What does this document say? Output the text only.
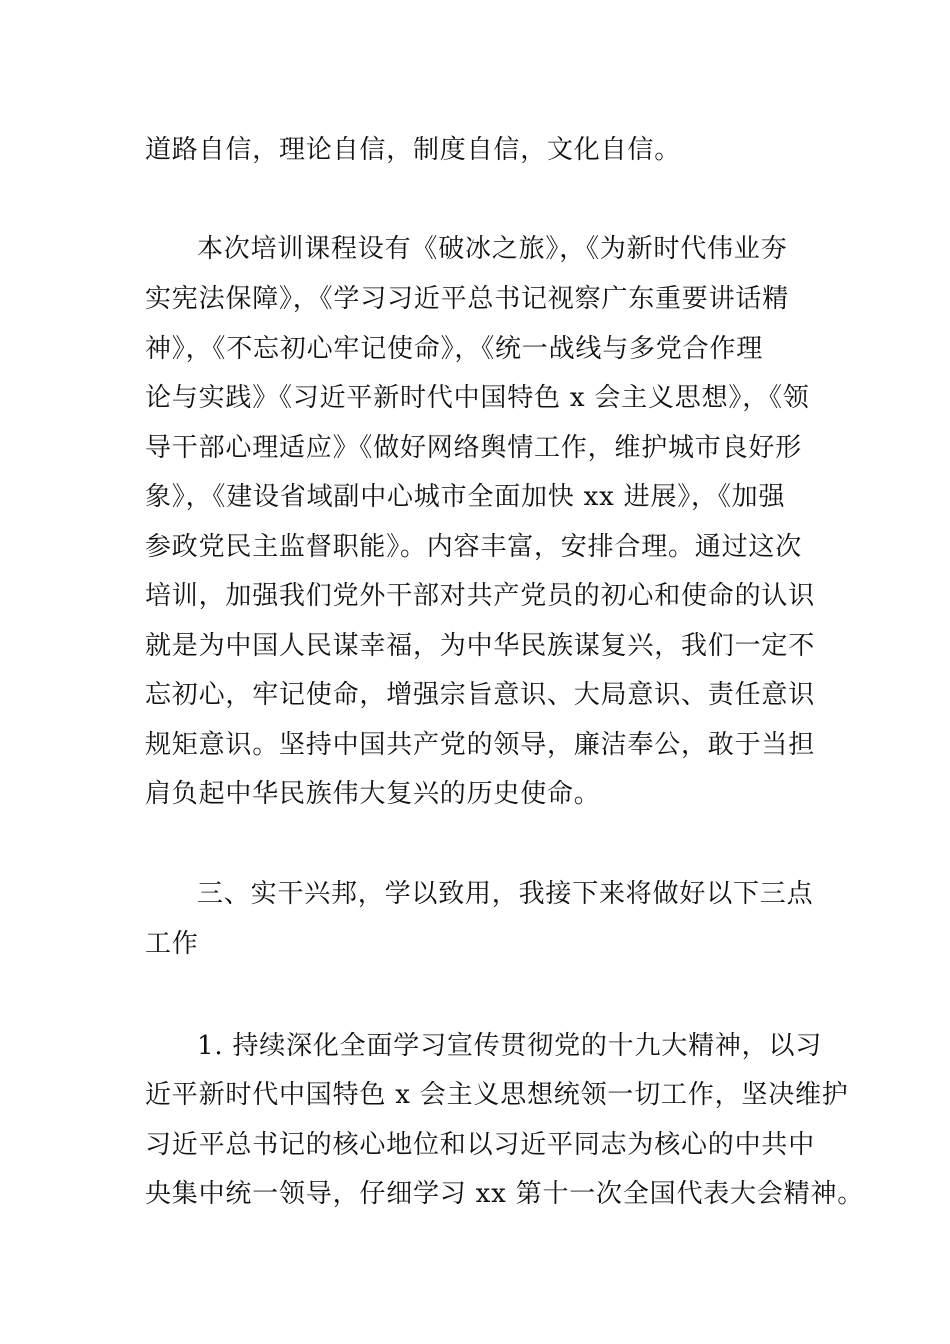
道路自信，理论自信，制度自信，文化自信。

本次培训课程设有《破冰之旅》，《为新时代伟业夯

实宪法保障》，《学习习近平总书记视察广东重要讲话精

神》，《不忘初心牢记使命》，《统一战线与多党合作理

论与实践》《习近平新时代中国特色 x 会主义思想》，《领

导干部心理适应》《做好网络舆情工作，维护城市良好形

象》，《建设省域副中心城市全面加快 xx 进展》，《加强

参政党民主监督职能》。内容丰富，安排合理。通过这次

培训，加强我们党外干部对共产党员的初心和使命的认识

就是为中国人民谋幸福，为中华民族谋复兴，我们一定不

忘初心，牢记使命，增强宗旨意识、大局意识、责任意识

规矩意识。坚持中国共产党的领导，廉洁奉公，敢于当担

肩负起中华民族伟大复兴的历史使命。

三、实干兴邦，学以致用，我接下来将做好以下三点

工作

1. 持续深化全面学习宣传贯彻党的十九大精神，以习

近平新时代中国特色 x 会主义思想统领一切工作，坚决维护

习近平总书记的核心地位和以习近平同志为核心的中共中

央集中统一领导，仔细学习 xx 第十一次全国代表大会精神。
